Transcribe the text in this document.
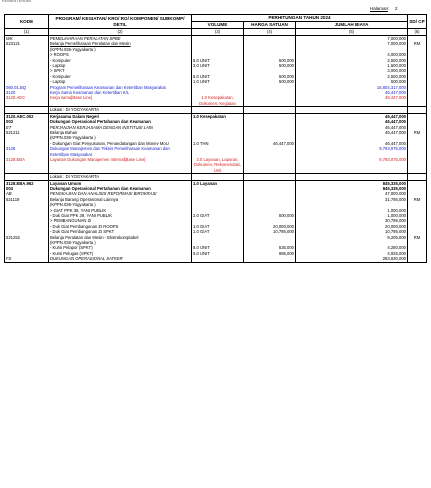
KEMENTERIAN
Halaman: 2
KODE	PROGRAM/ KEGIATAN/ KRO/ RO/ KOMPONEN/ SUBKOMP/ DETIL	PERHITUNGAN TAHUN 2024			SD/ CP
		VOLUME	HARGA SATUAN	JUMLAH BIAYA	
(1)	(2)	(3)	(4)	(5)	(6)
WK	PEMELIHARAAN PERALATAN SPBE			7,000,000	
523121	Belanja Pemeliharaan Peralatan dan Mesin			7,000,000	RM
	(KPPN.036-Yogyakarta )				
	> ROOPS			4,000,000	
	- Komputer	5.0 UNIT	500,000	2,500,000	
	- Laptop	3.0 UNIT	500,000	1,500,000	
	> SPKT			3,000,000	
	- Komputer	5.0 UNIT	500,000	2,500,000	
	- Laptop	1.0 UNIT	500,000	500,000	
060.01.BQ	Program Pemeliharaan Keamanan dan Ketertiban Masyarakat			15,804,317,000	
3120	Kerja Sama Keamanan dan Ketertiban K/L			46,447,000	
3120.AEC	Kerja sama[Base Line]	1.0 Kesepakatan, Dokumen, Kegiatan		46,447,000	
	Lokasi : DI YOGYAKARTA				
3120.AEC.002	Kerjasama Dalam Negeri	1.0 Kesepakatan		46,447,000	
003	Dukungan Operasional Pertahanan dan Keamanan			46,447,000	
ET	PERJANJIAN KERJASAMA DENGAN INSTITUSI LAIN			46,447,000	
521211	Belanja Bahan			46,447,000	RM
	(KPPN.036-Yogyakarta )				
	- Dukungan Giat Penyusunan, Penandatangan dan Monev MoU	1.0 THN	46,447,000	46,447,000	
3128	Dukungan Manajemen dan Teknis Pemeliharaan Keamanan dan Ketertiban Masyarakat			9,793,075,000	
3128.EBA	Layanan Dukungan Manajemen Internal[Base Line]	2.0 Layanan, Laporan, Dokumen, Rekomendasi, Unit		9,793,075,000	
	Lokasi : DI YOGYAKARTA				
3128.EBA.962	Layanan Umum	1.0 Layanan		845,335,000	
003	Dukungan Operasional Pertahanan dan Keamanan			845,335,000	
AB	PENGKAJIAN DAN ANALISIS REFORMASI BIROKRASI			47,000,000	
521119	Belanja Barang Operasional Lainnya			31,795,000	RM
	(KPPN.036-Yogyakarta )				
	> GIAT PPK 39, YANI PUBLIK			1,000,000	
	- Duk Giat PPK 39, YANI PUBLIK	2.0 GIAT	500,000	1,000,000	
	> PEMBANGUNAN ZI			30,795,000	
	- Duk Giat Pembangunan ZI ROOPS	1.0 GIAT	20,000,000	20,000,000	
	- Duk Giat Pembangunan ZI SPKT	1.0 GIAT	10,795,000	10,795,000	
521252	Belanja Peralatan dan Mesin - Ekstrakomptabel			9,205,000	RM
	(KPPN.036-Yogyakarta )				
	- Kursi Pelapor (SPKT)	8.0 UNIT	535,000	4,280,000	
	- Kursi Pelugas (SPKT)	5.0 UNIT	985,000	4,925,000	
FS	DUKUNGAN OPERASIONAL SATKER			283,630,000	
